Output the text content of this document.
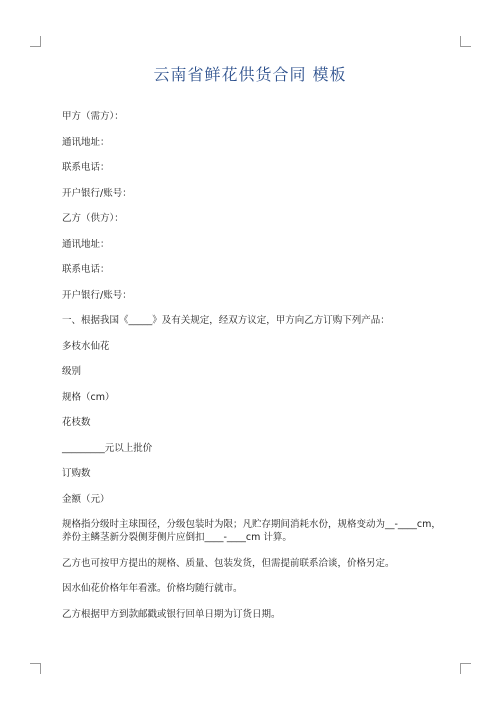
云南省鲜花供货合同 模板
甲方（需方）：
通讯地址：
联系电话：
开户银行/账号：
乙方（供方）：
通讯地址：
联系电话：
开户银行/账号：
一、根据我国《_____》及有关规定，经双方议定，甲方向乙方订购下列产品：
多枝水仙花
级别
规格（cm）
花枝数
_________元以上批价
订购数
金额（元）
规格指分级时主球围径，分级包装时为限；凡贮存期间消耗水份，规格变动为__-____cm，养份主鳞茎新分裂侧芽侧片应倒扣____-____cm 计算。
乙方也可按甲方提出的规格、质量、包装发货，但需提前联系洽谈，价格另定。
因水仙花价格年年看涨。价格均随行就市。
乙方根据甲方到款邮戳或银行回单日期为订货日期。
